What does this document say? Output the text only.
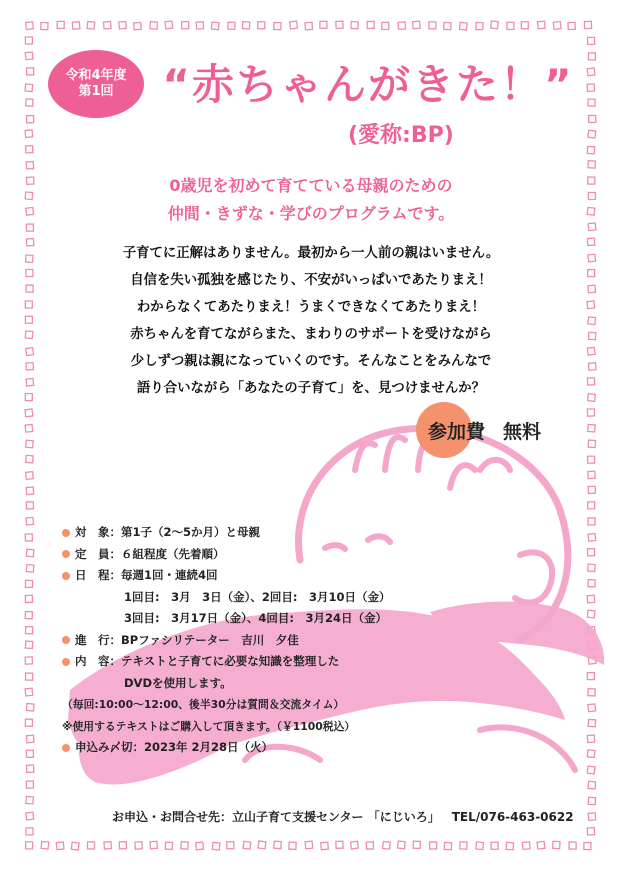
令和4年度
第1回	“赤ちゃんがきた！”
(愛称:BP)
0歳児を初めて育てている母親のための
仲間・きずな・学びのプログラムです。
子育てに正解はありません。最初から一人前の親はいません。
自信を失い孤独を感じたり、不安がいっぱいであたりまえ！
わからなくてあたりまえ！うまくできなくてあたりまえ！
赤ちゃんを育てながらまた、まわりのサポートを受けながら
少しずつ親は親になっていくのです。そんなことをみんなで
語り合いながら「あなたの子育て」を、見つけませんか？
参加費 無料
対　象：第1子（2～5か月）と母親
定　員：６組程度（先着順）
日　程：毎週1回・連続4回
1回目:　3月　3日（金）、2回目:　3月10日（金）
3回目:　3月17日（金）、4回目:　3月24日（金）
進　行：BPファシリテーター　吉川　夕佳
内　容：テキストと子育てに必要な知識を整理した
DVDを使用します。
（毎回:10:00～12:00、後半30分は質問＆交流タイム）
※使用するテキストはご購入して頂きます。（￥1100税込）
申込み〆切：2023年 2月28日（火）
お申込・お問合せ先：立山子育て支援センター 「にじいろ」 TEL/076-463-0622
